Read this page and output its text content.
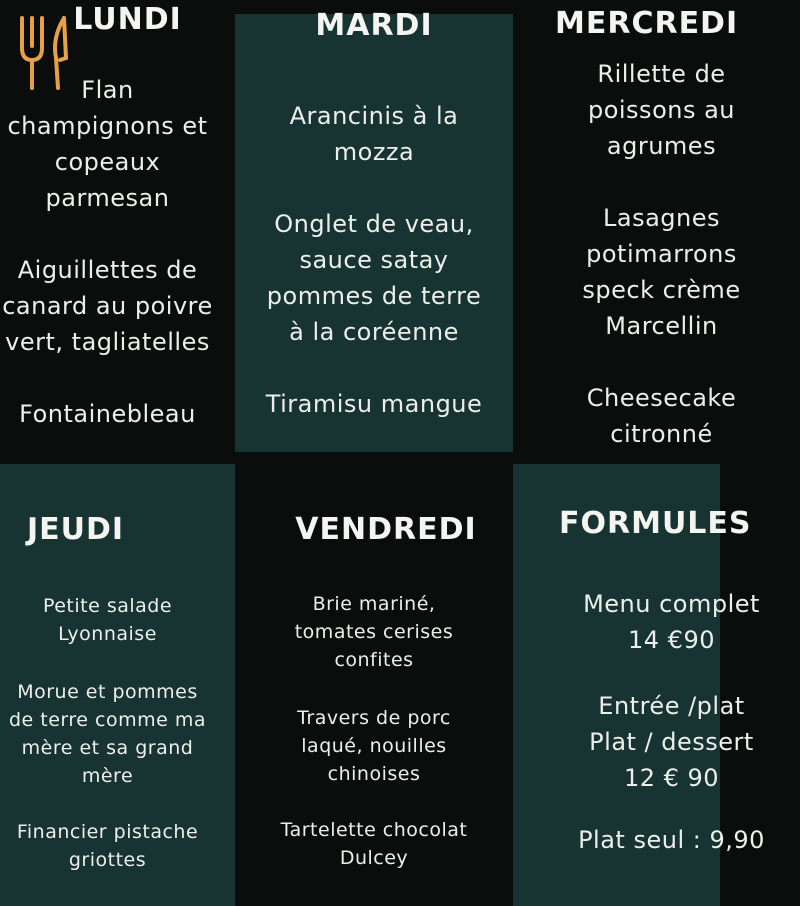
LUNDI
Flan
champignons et
copeaux
parmesan
Aiguillettes de
canard au poivre
vert, tagliatelles
Fontainebleau
MARDI
Arancinis à la
mozza
Onglet de veau,
sauce satay
pommes de terre
à la coréenne
Tiramisu mangue
MERCREDI
Rillette de
poissons au
agrumes
Lasagnes
potimarrons
speck crème
Marcellin
Cheesecake
citronné
JEUDI
Petite salade
Lyonnaise
Morue et pommes
de terre comme ma
mère et sa grand
mère
Financier pistache
griottes
VENDREDI
Brie mariné,
tomates cerises
confites
Travers de porc
laqué, nouilles
chinoises
Tartelette chocolat
Dulcey
FORMULES
Menu complet
14 €90
Entrée /plat
Plat / dessert
12 € 90
Plat seul : 9,90
